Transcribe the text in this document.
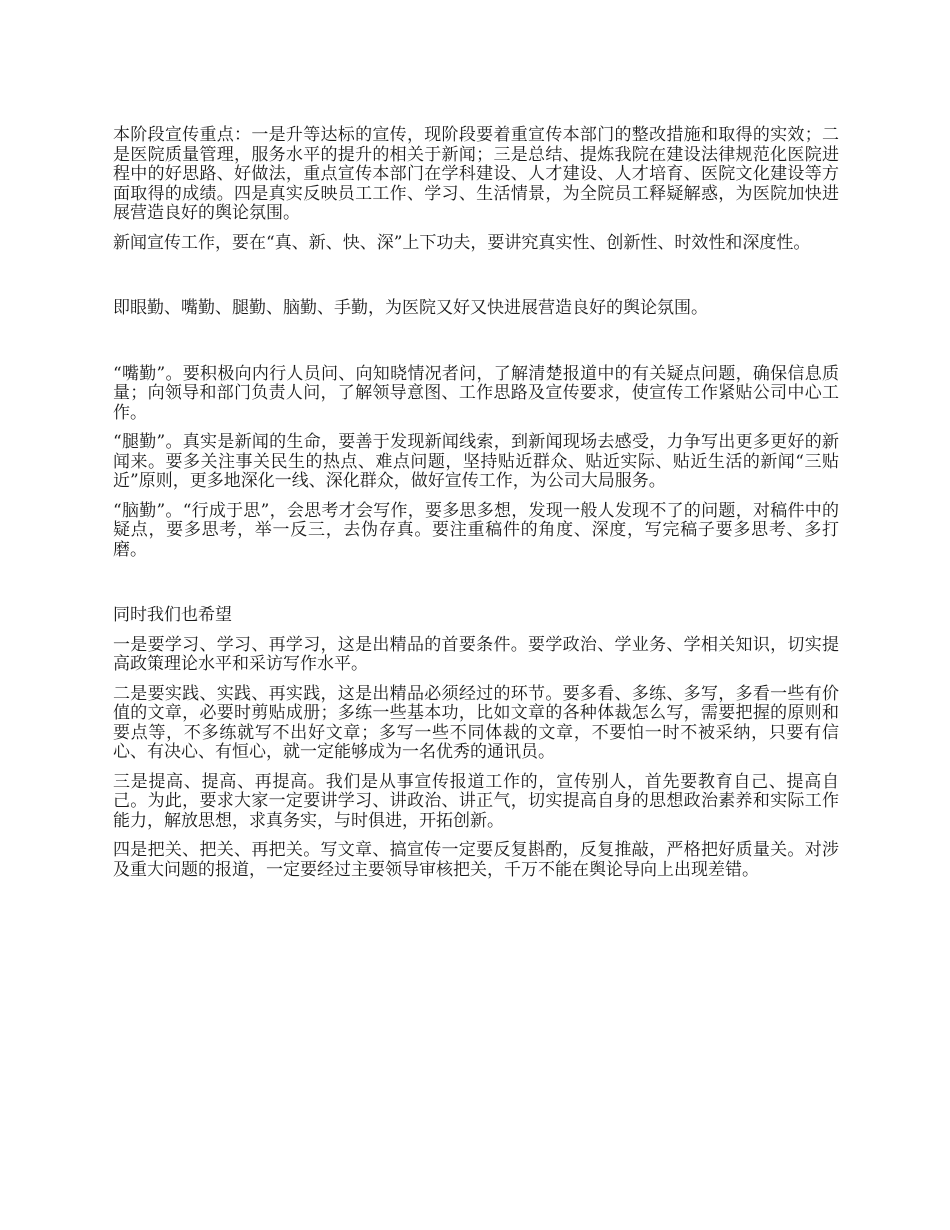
本阶段宣传重点：一是升等达标的宣传，现阶段要着重宣传本部门的整改措施和取得的实效；二是医院质量管理，服务水平的提升的相关于新闻；三是总结、提炼我院在建设法律规范化医院进程中的好思路、好做法，重点宣传本部门在学科建设、人才建设、人才培育、医院文化建设等方面取得的成绩。四是真实反映员工工作、学习、生活情景，为全院员工释疑解惑，为医院加快进展营造良好的舆论氛围。

新闻宣传工作，要在“真、新、快、深”上下功夫，要讲究真实性、创新性、时效性和深度性。

即眼勤、嘴勤、腿勤、脑勤、手勤，为医院又好又快进展营造良好的舆论氛围。

“嘴勤”。要积极向内行人员问、向知晓情况者问，了解清楚报道中的有关疑点问题，确保信息质量；向领导和部门负责人问，了解领导意图、工作思路及宣传要求，使宣传工作紧贴公司中心工作。

“腿勤”。真实是新闻的生命，要善于发现新闻线索，到新闻现场去感受，力争写出更多更好的新闻来。要多关注事关民生的热点、难点问题，坚持贴近群众、贴近实际、贴近生活的新闻“三贴近”原则，更多地深化一线、深化群众，做好宣传工作，为公司大局服务。

“脑勤”。“行成于思”，会思考才会写作，要多思多想，发现一般人发现不了的问题，对稿件中的疑点，要多思考，举一反三，去伪存真。要注重稿件的角度、深度，写完稿子要多思考、多打磨。

同时我们也希望

一是要学习、学习、再学习，这是出精品的首要条件。要学政治、学业务、学相关知识，切实提高政策理论水平和采访写作水平。

二是要实践、实践、再实践，这是出精品必须经过的环节。要多看、多练、多写，多看一些有价值的文章，必要时剪贴成册；多练一些基本功，比如文章的各种体裁怎么写，需要把握的原则和要点等，不多练就写不出好文章；多写一些不同体裁的文章，不要怕一时不被采纳，只要有信心、有决心、有恒心，就一定能够成为一名优秀的通讯员。

三是提高、提高、再提高。我们是从事宣传报道工作的，宣传别人，首先要教育自己、提高自己。为此，要求大家一定要讲学习、讲政治、讲正气，切实提高自身的思想政治素养和实际工作能力，解放思想，求真务实，与时俱进，开拓创新。

四是把关、把关、再把关。写文章、搞宣传一定要反复斟酌，反复推敲，严格把好质量关。对涉及重大问题的报道，一定要经过主要领导审核把关，千万不能在舆论导向上出现差错。
